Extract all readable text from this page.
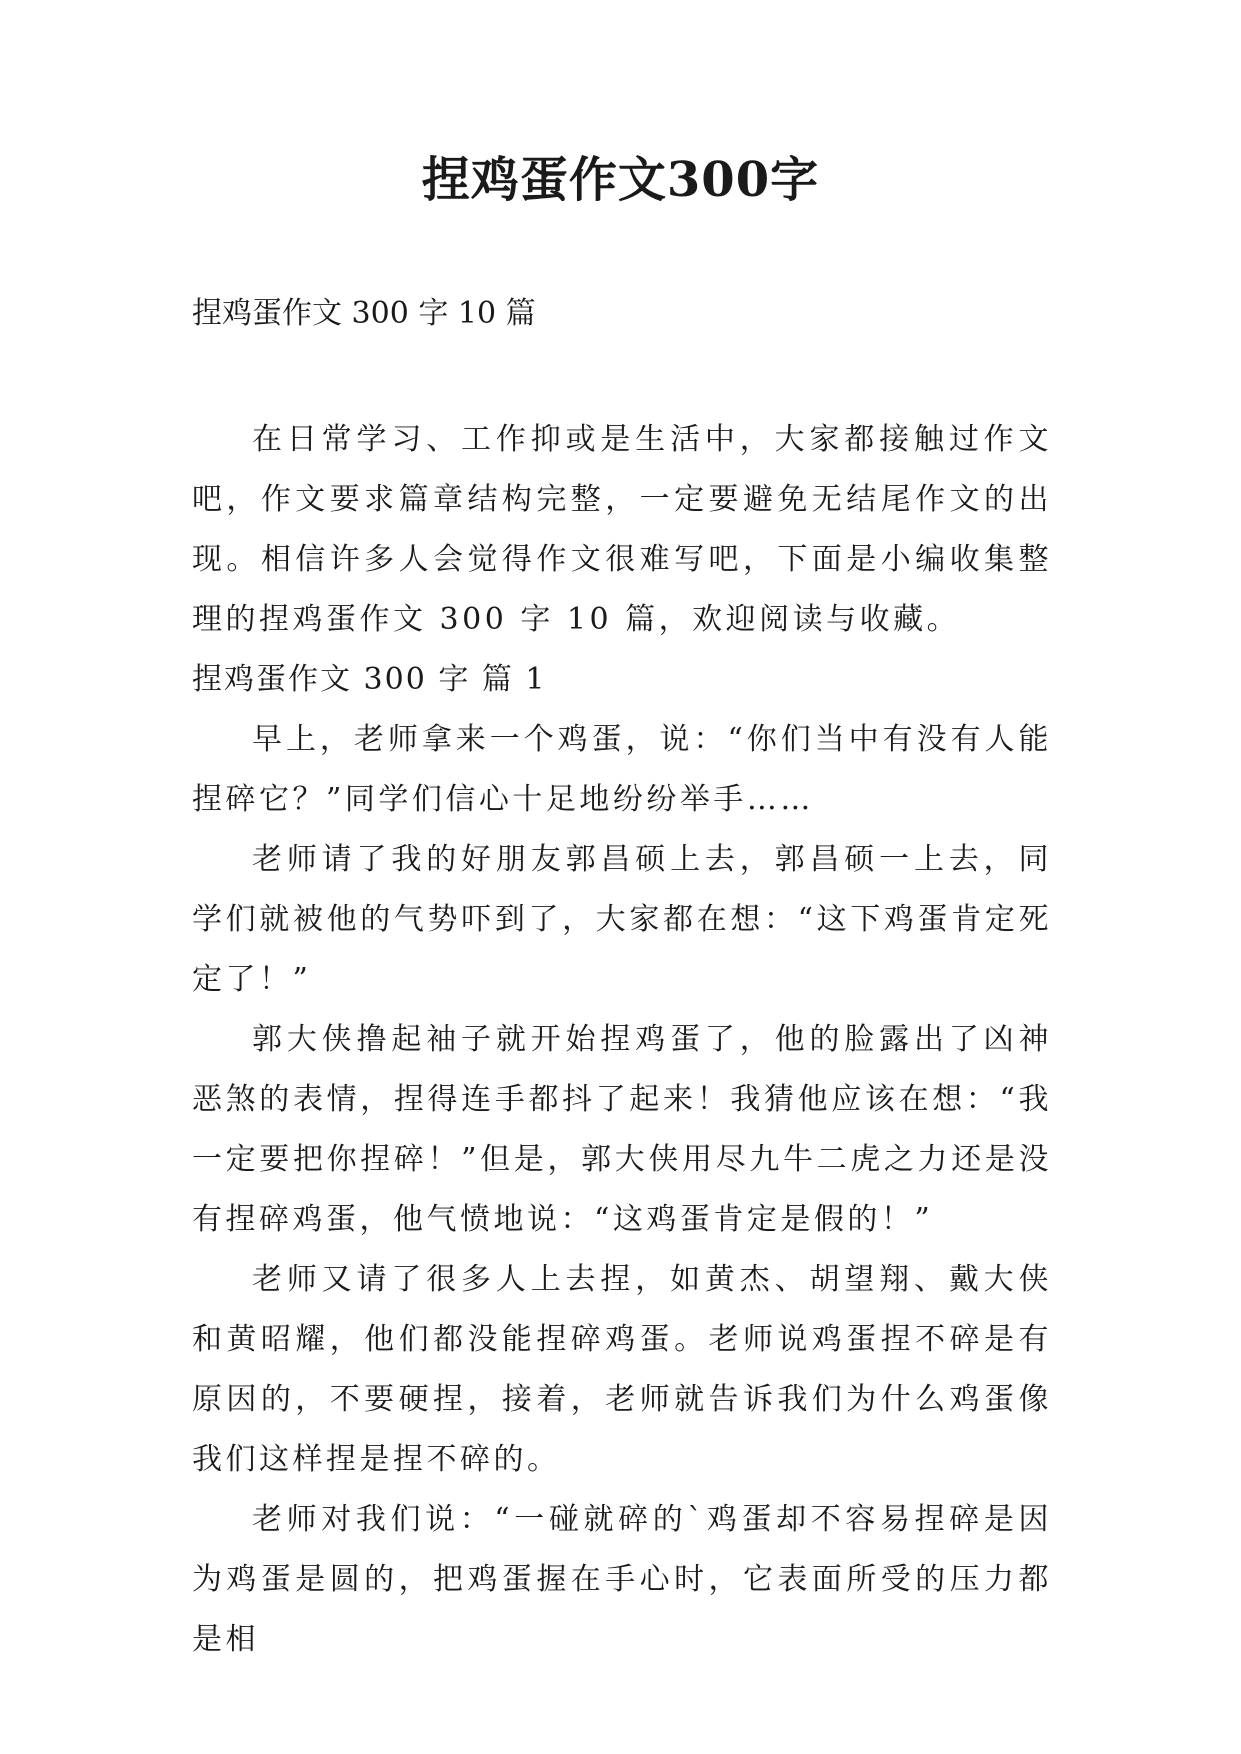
捏鸡蛋作文300字

捏鸡蛋作文 300 字 10 篇

在日常学习、工作抑或是生活中，大家都接触过作文吧，作文要求篇章结构完整，一定要避免无结尾作文的出现。相信许多人会觉得作文很难写吧，下面是小编收集整理的捏鸡蛋作文 300 字 10 篇，欢迎阅读与收藏。

捏鸡蛋作文 300 字 篇 1

早上，老师拿来一个鸡蛋，说：“你们当中有没有人能捏碎它？”同学们信心十足地纷纷举手……

老师请了我的好朋友郭昌硕上去，郭昌硕一上去，同学们就被他的气势吓到了，大家都在想：“这下鸡蛋肯定死定了！”

郭大侠撸起袖子就开始捏鸡蛋了，他的脸露出了凶神恶煞的表情，捏得连手都抖了起来！我猜他应该在想：“我一定要把你捏碎！”但是，郭大侠用尽九牛二虎之力还是没有捏碎鸡蛋，他气愤地说：“这鸡蛋肯定是假的！”

老师又请了很多人上去捏，如黄杰、胡望翔、戴大侠和黄昭耀，他们都没能捏碎鸡蛋。老师说鸡蛋捏不碎是有原因的，不要硬捏，接着，老师就告诉我们为什么鸡蛋像我们这样捏是捏不碎的。

老师对我们说：“一碰就碎的`鸡蛋却不容易捏碎是因为鸡蛋是圆的，把鸡蛋握在手心时，它表面所受的压力都是相
